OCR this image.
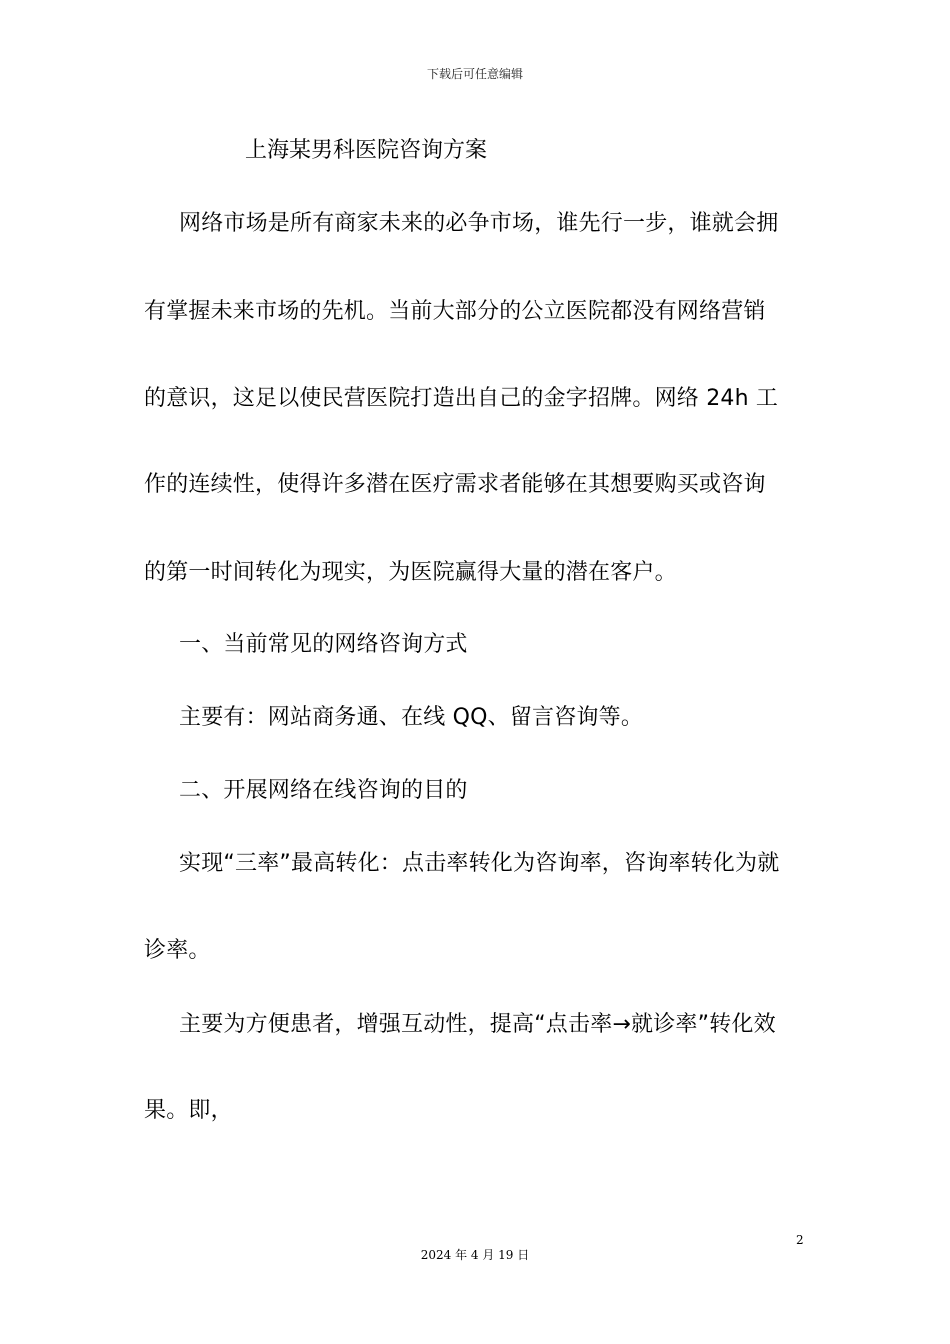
下载后可任意编辑
上海某男科医院咨询方案
网络市场是所有商家未来的必争市场，谁先行一步，谁就会拥
有掌握未来市场的先机。当前大部分的公立医院都没有网络营销
的意识，这足以使民营医院打造出自己的金字招牌。网络 24h 工
作的连续性，使得许多潜在医疗需求者能够在其想要购买或咨询
的第一时间转化为现实，为医院赢得大量的潜在客户。
一、当前常见的网络咨询方式
主要有：网站商务通、在线 QQ、留言咨询等。
二、开展网络在线咨询的目的
实现“三率”最高转化：点击率转化为咨询率，咨询率转化为就
诊率。
主要为方便患者，增强互动性，提高“点击率→就诊率”转化效
果。即，
2
2024 年 4 月 19 日
